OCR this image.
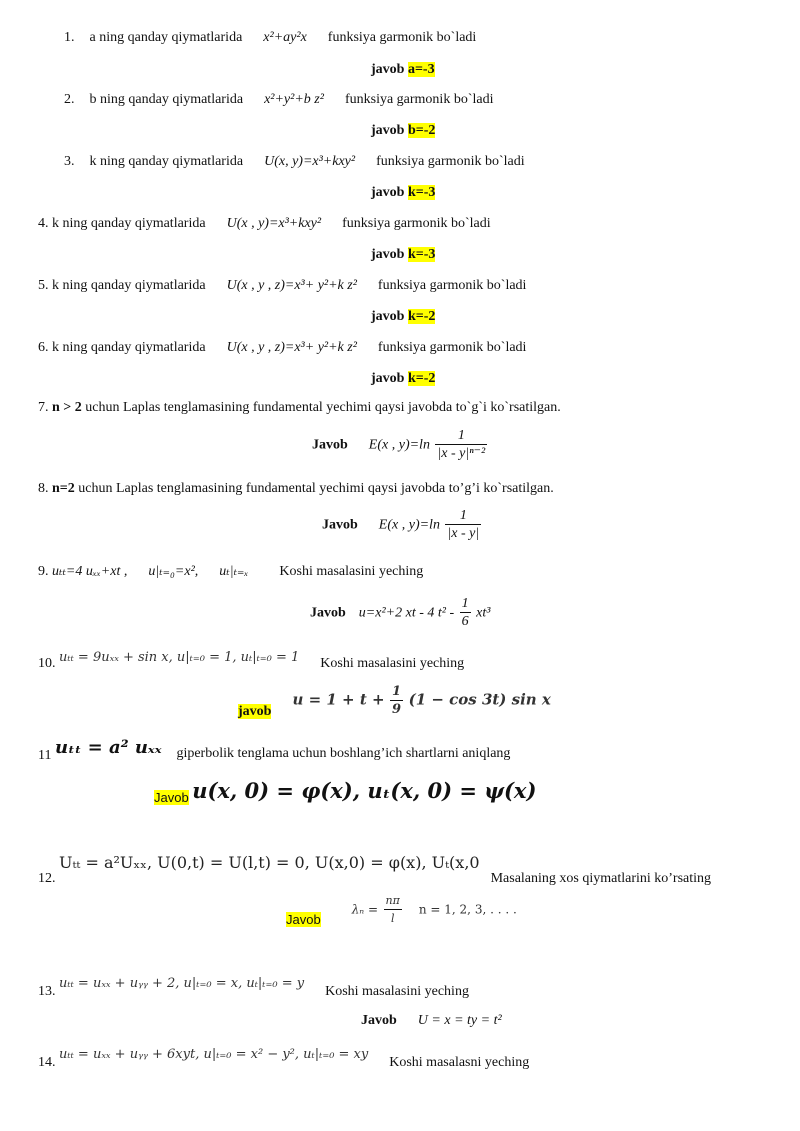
1. a ning qanday qiymatlarida x²+ay²x funksiya garmonik bo`ladi
javob a=-3
2. b ning qanday qiymatlarida x²+y²+b z² funksiya garmonik bo`ladi
javob b=-2
3. k ning qanday qiymatlarida U(x, y)=x³+kxy² funksiya garmonik bo`ladi
javob k=-3
4. k ning qanday qiymatlarida U(x , y)=x³+kxy² funksiya garmonik bo`ladi
javob k=-3
5. k ning qanday qiymatlarida U(x , y , z)=x³+ y²+k z² funksiya garmonik bo`ladi
javob k=-2
6. k ning qanday qiymatlarida U(x , y , z)=x³+ y²+k z² funksiya garmonik bo`ladi
javob k=-2
7. n > 2 uchun Laplas tenglamasining fundamental yechimi qaysi javobda to`g`i ko`rsatilgan.
Javob E(x , $y)=\ln \frac{1}{\text{|x - y|ⁿ⁻²}}$
8. n=2 uchun Laplas tenglamasining fundamental yechimi qaysi javobda to’g’i ko`rsatilgan.
Javob E(x , $y)=\ln \frac{1}{|x - y|}$
9. uₜₜ=4 uₓₓ+xt , u|ₜ₌₀=x², uₜ|ₜ₌ₓ Koshi masalasini yeching
Javob u=x²+2 xt - 4 $t^2 - \frac{1}{6} xt^3$
10. uₜₜ = 9uₓₓ + sin x, u|ₜ₌₀ = 1, uₜ|ₜ₌₀ = 1 Koshi masalasini yeching
javob  $u = 1 + t + \frac{1}{9} (1 - \cos 3t)$ sin x
11 uₜₜ = a² uₓₓ giperbolik tenglama uchun boshlang’ich shartlarni aniqlang
Javob u(x, 0) = φ(x), uₜ(x, 0) = ψ(x)
12. Uₜₜ = a²Uₓₓ, U(0,t) = U(l,t) = 0, U(x,0) = φ(x), Uₜ(x,0  Masalaning xos qiymatlarini ko’rsating
Javob  $\lambda_n = \frac{n\pi}{l}$ n = 1, 2, 3, . . . .
13. uₜₜ = uₓₓ + uᵧᵧ + 2, u|ₜ₌₀ = x, uₜ|ₜ₌₀ = y  Koshi masalasini yeching
Javob U = x = ty = t²
14. uₜₜ = uₓₓ + uᵧᵧ + 6xyt, u|ₜ₌₀ = x² − y², uₜ|ₜ₌₀ = xy  Koshi masalasni yeching
